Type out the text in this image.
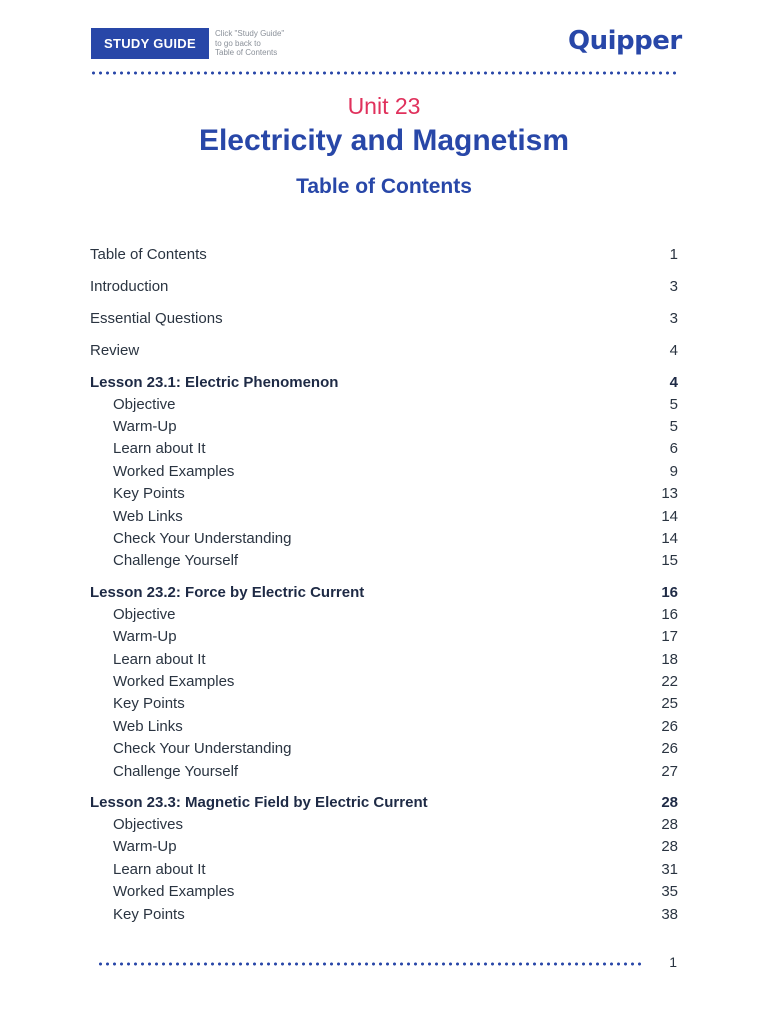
STUDY GUIDE
Click "Study Guide"
to go back to
Table of Contents	Quipper
Unit 23
Electricity and Magnetism
Table of Contents
Table of Contents	1
Introduction	3
Essential Questions	3
Review	4
Lesson 23.1: Electric Phenomenon	4
Objective	5
Warm-Up	5
Learn about It	6
Worked Examples	9
Key Points	13
Web Links	14
Check Your Understanding	14
Challenge Yourself	15
Lesson 23.2: Force by Electric Current	16
Objective	16
Warm-Up	17
Learn about It	18
Worked Examples	22
Key Points	25
Web Links	26
Check Your Understanding	26
Challenge Yourself	27
Lesson 23.3: Magnetic Field by Electric Current	28
Objectives	28
Warm-Up	28
Learn about It	31
Worked Examples	35
Key Points	38
1
